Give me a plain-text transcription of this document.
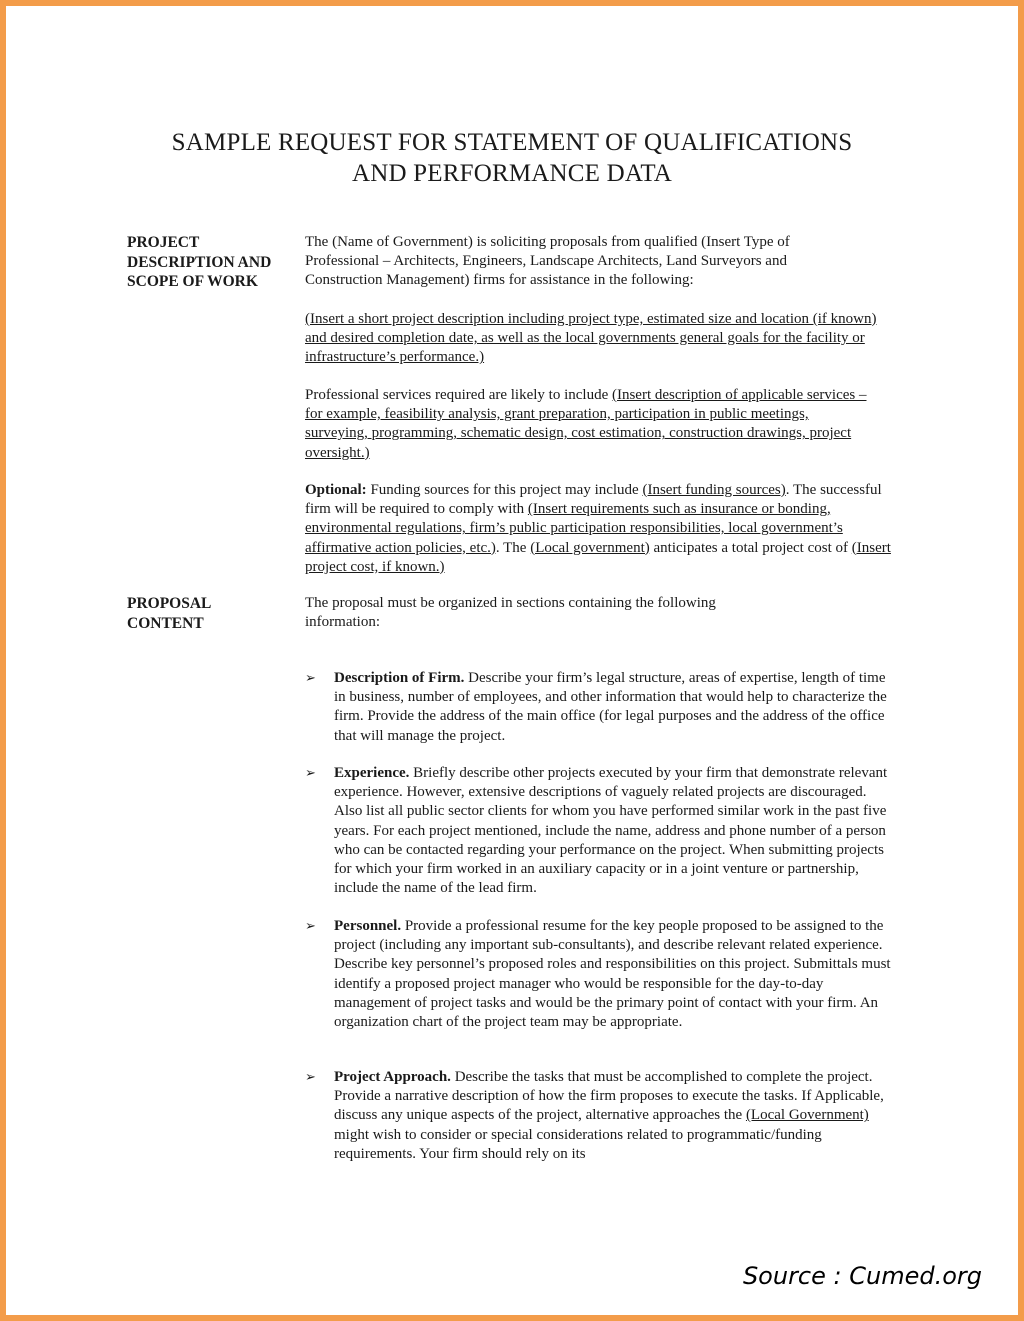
SAMPLE REQUEST FOR STATEMENT OF QUALIFICATIONS
AND PERFORMANCE DATA
PROJECT
DESCRIPTION AND
SCOPE OF WORK
The (Name of Government) is soliciting proposals from qualified (Insert Type of Professional – Architects, Engineers, Landscape Architects, Land Surveyors and Construction Management) firms for assistance in the following:
(Insert a short project description including project type, estimated size and location (if known) and desired completion date, as well as the local governments general goals for the facility or infrastructure’s performance.)
Professional services required are likely to include (Insert description of applicable services – for example, feasibility analysis, grant preparation, participation in public meetings, surveying, programming, schematic design, cost estimation, construction drawings, project oversight.)
Optional: Funding sources for this project may include (Insert funding sources). The successful firm will be required to comply with (Insert requirements such as insurance or bonding, environmental regulations, firm’s public participation responsibilities, local government’s affirmative action policies, etc.). The (Local government) anticipates a total project cost of (Insert project cost, if known.)
PROPOSAL
CONTENT
The proposal must be organized in sections containing the following information:
➢	Description of Firm. Describe your firm’s legal structure, areas of expertise, length of time in business, number of employees, and other information that would help to characterize the firm. Provide the address of the main office (for legal purposes and the address of the office that will manage the project.
➢	Experience. Briefly describe other projects executed by your firm that demonstrate relevant experience. However, extensive descriptions of vaguely related projects are discouraged. Also list all public sector clients for whom you have performed similar work in the past five years. For each project mentioned, include the name, address and phone number of a person who can be contacted regarding your performance on the project. When submitting projects for which your firm worked in an auxiliary capacity or in a joint venture or partnership, include the name of the lead firm.
➢	Personnel. Provide a professional resume for the key people proposed to be assigned to the project (including any important sub-consultants), and describe relevant related experience. Describe key personnel’s proposed roles and responsibilities on this project. Submittals must identify a proposed project manager who would be responsible for the day-to-day management of project tasks and would be the primary point of contact with your firm. An organization chart of the project team may be appropriate.
➢	Project Approach. Describe the tasks that must be accomplished to complete the project. Provide a narrative description of how the firm proposes to execute the tasks. If Applicable, discuss any unique aspects of the project, alternative approaches the (Local Government) might wish to consider or special considerations related to programmatic/funding requirements. Your firm should rely on its
Source : Cumed.org
